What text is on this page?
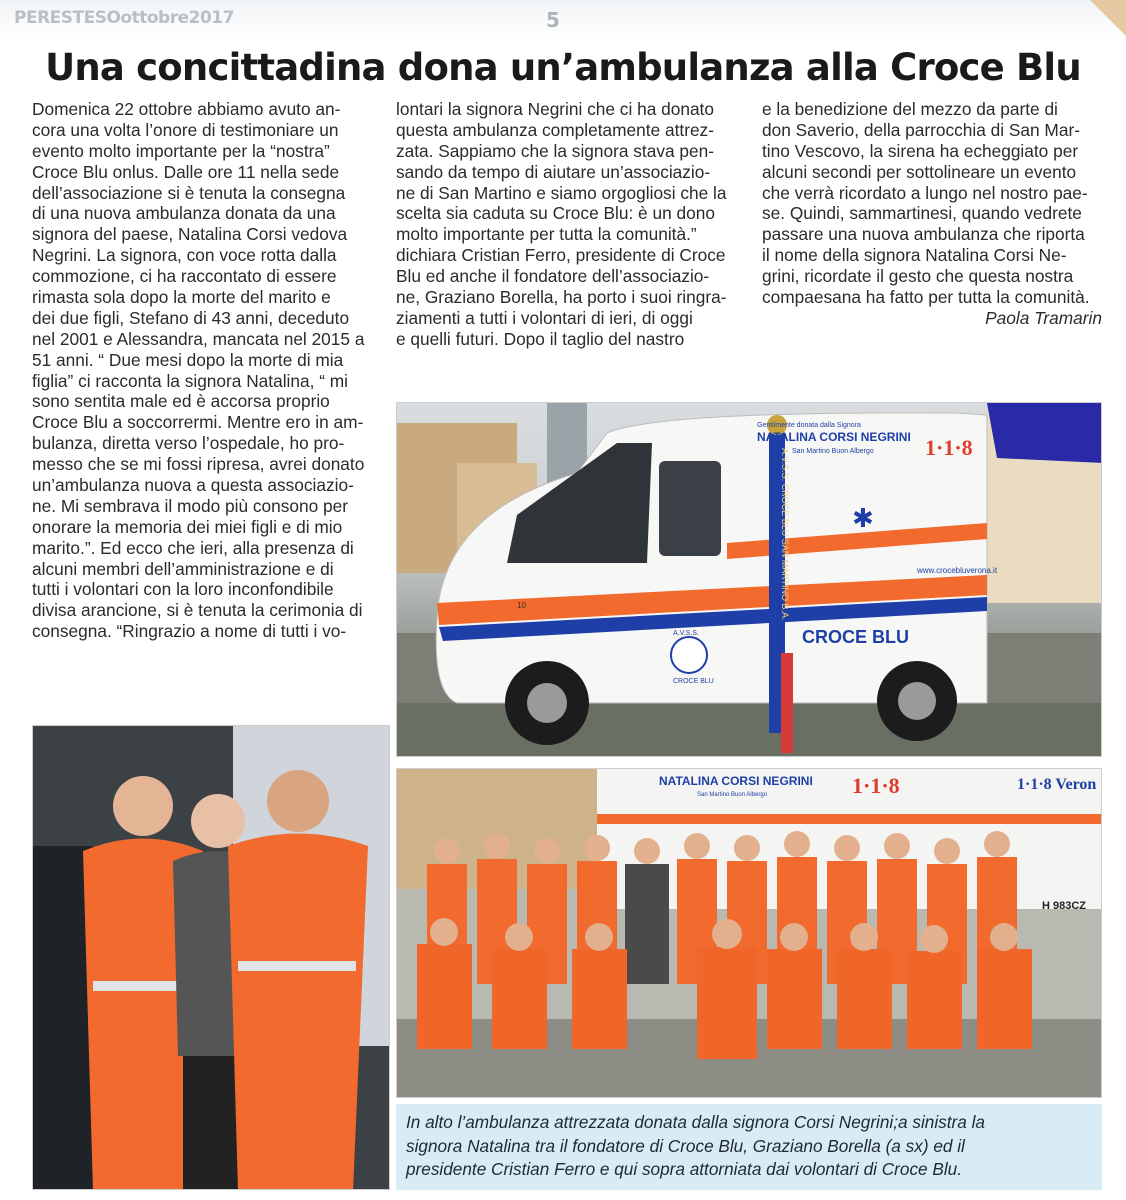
PERESTESOottobre2017	5
Una concittadina dona un’ambulanza alla Croce Blu
Domenica 22 ottobre abbiamo avuto an-
cora una volta l’onore di testimoniare un
evento molto importante per la “nostra”
Croce Blu onlus. Dalle ore 11 nella sede
dell’associazione si è tenuta la consegna
di una nuova ambulanza donata da una
signora del paese, Natalina Corsi vedova
Negrini. La signora, con voce rotta dalla
commozione, ci ha raccontato di essere
rimasta sola dopo la morte del marito e
dei due figli, Stefano di 43 anni, deceduto
nel 2001 e Alessandra, mancata nel 2015 a
51 anni. “ Due mesi dopo la morte di mia
figlia” ci racconta la signora Natalina, “ mi
sono sentita male ed è accorsa proprio
Croce Blu a soccorrermi. Mentre ero in am-
bulanza, diretta verso l’ospedale, ho pro-
messo che se mi fossi ripresa, avrei donato
un’ambulanza nuova a questa associazio-
ne. Mi sembrava il modo più consono per
onorare la memoria dei miei figli e di mio
marito.”. Ed ecco che ieri, alla presenza di
alcuni membri dell’amministrazione e di
tutti i volontari con la loro inconfondibile
divisa arancione, si è tenuta la cerimonia di
consegna. “Ringrazio a nome di tutti i vo-
lontari la signora Negrini che ci ha donato
questa ambulanza completamente attrez-
zata. Sappiamo che la signora stava pen-
sando da tempo di aiutare un’associazio-
ne di San Martino e siamo orgogliosi che la
scelta sia caduta su Croce Blu: è un dono
molto importante per tutta la comunità.”
dichiara Cristian Ferro, presidente di Croce
Blu ed anche il fondatore dell’associazio-
ne, Graziano Borella, ha porto i suoi ringra-
ziamenti a tutti i volontari di ieri, di oggi
e quelli futuri. Dopo il taglio del nastro
e la benedizione del mezzo da parte di
don Saverio, della parrocchia di San Mar-
tino Vescovo, la sirena ha echeggiato per
alcuni secondi per sottolineare un evento
che verrà ricordato a lungo nel nostro pae-
se. Quindi, sammartinesi, quando vedrete
passare una nuova ambulanza che riporta
il nome della signora Natalina Corsi Ne-
grini, ricordate il gesto che questa nostra
compaesana ha fatto per tutta la comunità.
Paola Tramarin
✱
Gentilmente donata dalla Signora
NATALINA CORSI NEGRINI
San Martino Buon Albergo 1·1·8
CROCE BLU
A.V.S.S.
CROCE BLU
www.crocebluverona.it
10	A.V.S.S. CROCE BLU SAN MARTINO B.A.
NATALINA CORSI NEGRINI
San Martino Buon Albergo	1·1·8	1·1·8 Veron
H 983CZ
In alto l’ambulanza attrezzata donata dalla signora Corsi Negrini;a sinistra la
signora Natalina tra il fondatore di Croce Blu, Graziano Borella (a sx) ed il
presidente Cristian Ferro e qui sopra attorniata dai volontari di Croce Blu.
